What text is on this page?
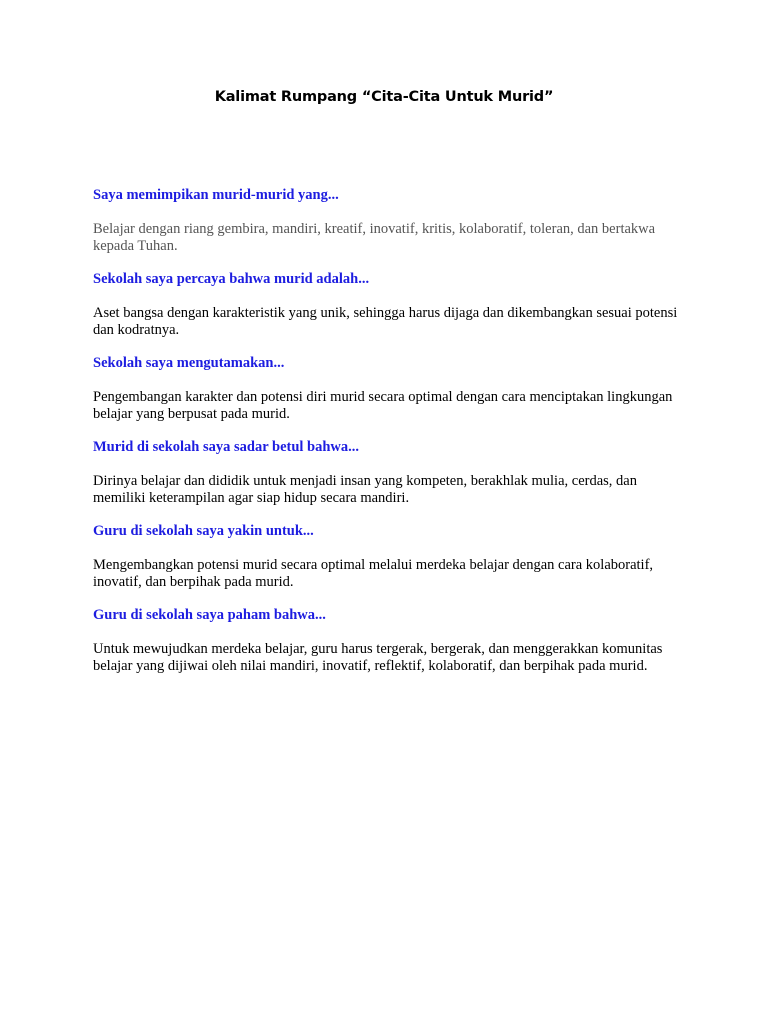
Kalimat Rumpang “Cita-Cita Untuk Murid”

Saya memimpikan murid-murid yang...

Belajar dengan riang gembira, mandiri, kreatif, inovatif, kritis, kolaboratif, toleran, dan bertakwa kepada Tuhan.

Sekolah saya percaya bahwa murid adalah...

Aset bangsa dengan karakteristik yang unik, sehingga harus dijaga dan dikembangkan sesuai potensi dan kodratnya.

Sekolah saya mengutamakan...

Pengembangan karakter dan potensi diri murid secara optimal dengan cara menciptakan lingkungan belajar yang berpusat pada murid.

Murid di sekolah saya sadar betul bahwa...

Dirinya belajar dan dididik untuk menjadi insan yang kompeten, berakhlak mulia, cerdas, dan memiliki keterampilan agar siap hidup secara mandiri.

Guru di sekolah saya yakin untuk...

Mengembangkan potensi murid secara optimal melalui merdeka belajar dengan cara kolaboratif, inovatif, dan berpihak pada murid.

Guru di sekolah saya paham bahwa...

Untuk mewujudkan merdeka belajar, guru harus tergerak, bergerak, dan menggerakkan komunitas belajar yang dijiwai oleh nilai mandiri, inovatif, reflektif, kolaboratif, dan berpihak pada murid.
